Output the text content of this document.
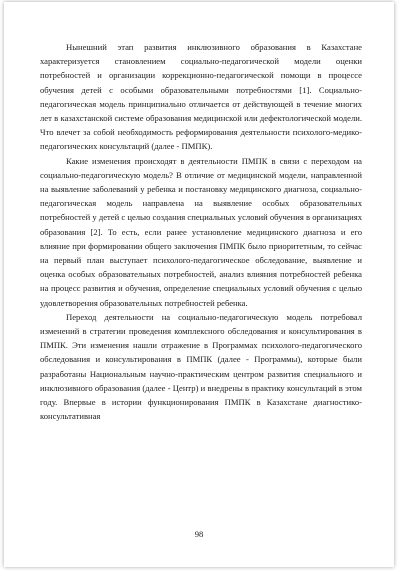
Нынешний этап развития инклюзивного образования в Казахстане характеризуется становлением социально-педагогической модели оценки потребностей и организации коррекционно-педагогической помощи в процессе обучения детей с особыми образовательными потребностями [1]. Социально-педагогическая модель принципиально отличается от действующей в течение многих лет в казахстанской системе образования медицинской или дефектологической модели. Что влечет за собой необходимость реформирования деятельности психолого-медико-педагогических консультаций (далее - ПМПК).

Какие изменения происходят в деятельности ПМПК в связи с переходом на социально-педагогическую модель? В отличие от медицинской модели, направленной на выявление заболеваний у ребенка и постановку медицинского диагноза, социально-педагогическая модель направлена на выявление особых образовательных потребностей у детей с целью создания специальных условий обучения в организациях образования [2]. То есть, если ранее установление медицинского диагноза и его влияние при формировании общего заключения ПМПК было приоритетным, то сейчас на первый план выступает психолого-педагогическое обследование, выявление и оценка особых образовательных потребностей, анализ влияния потребностей ребенка на процесс развития и обучения, определение специальных условий обучения с целью удовлетворения образовательных потребностей ребенка.

Переход деятельности на социально-педагогическую модель потребовал изменений в стратегии проведения комплексного обследования и консультирования в ПМПК. Эти изменения нашли отражение в Программах психолого-педагогического обследования и консультирования в ПМПК (далее - Программы), которые были разработаны Национальным научно-практическим центром развития специального и инклюзивного образования (далее - Центр) и внедрены в практику консультаций в этом году. Впервые в истории функционирования ПМПК в Казахстане диагностико-консультативная

98
